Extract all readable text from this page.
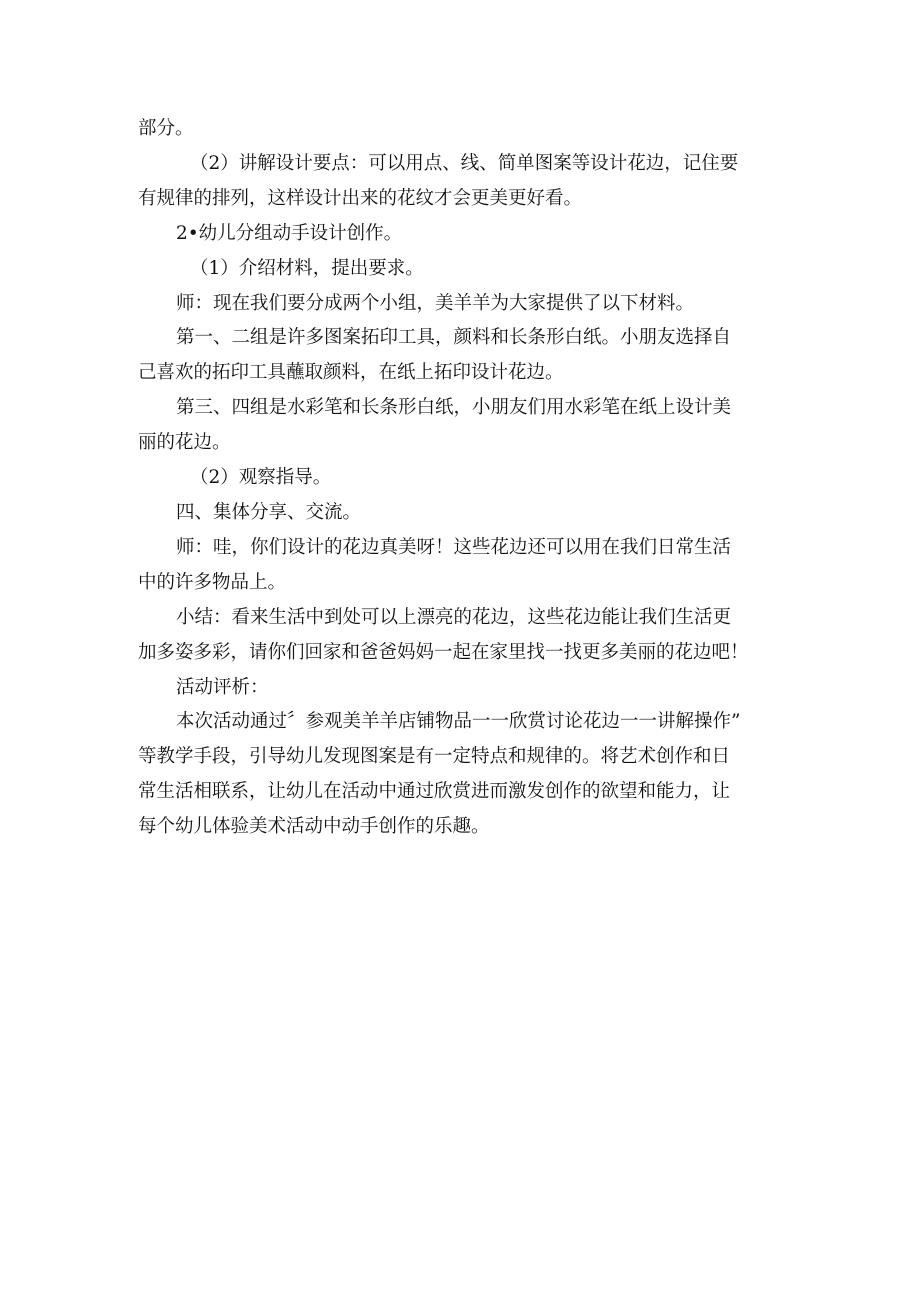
部分。
（2）讲解设计要点：可以用点、线、简单图案等设计花边，记住要
有规律的排列，这样设计出来的花纹才会更美更好看。
2•幼儿分组动手设计创作。
（1）介绍材料，提出要求。
师：现在我们要分成两个小组，美羊羊为大家提供了以下材料。
第一、二组是许多图案拓印工具，颜料和长条形白纸。小朋友选择自
己喜欢的拓印工具蘸取颜料，在纸上拓印设计花边。
第三、四组是水彩笔和长条形白纸，小朋友们用水彩笔在纸上设计美
丽的花边。
（2）观察指导。
四、集体分享、交流。
师：哇，你们设计的花边真美呀！这些花边还可以用在我们日常生活
中的许多物品上。
小结：看来生活中到处可以上漂亮的花边，这些花边能让我们生活更
加多姿多彩，请你们回家和爸爸妈妈一起在家里找一找更多美丽的花边吧！
活动评析：
本次活动通过〞参观美羊羊店铺物品一一欣赏讨论花边一一讲解操作”
等教学手段，引导幼儿发现图案是有一定特点和规律的。将艺术创作和日
常生活相联系，让幼儿在活动中通过欣赏进而激发创作的欲望和能力，让
每个幼儿体验美术活动中动手创作的乐趣。
